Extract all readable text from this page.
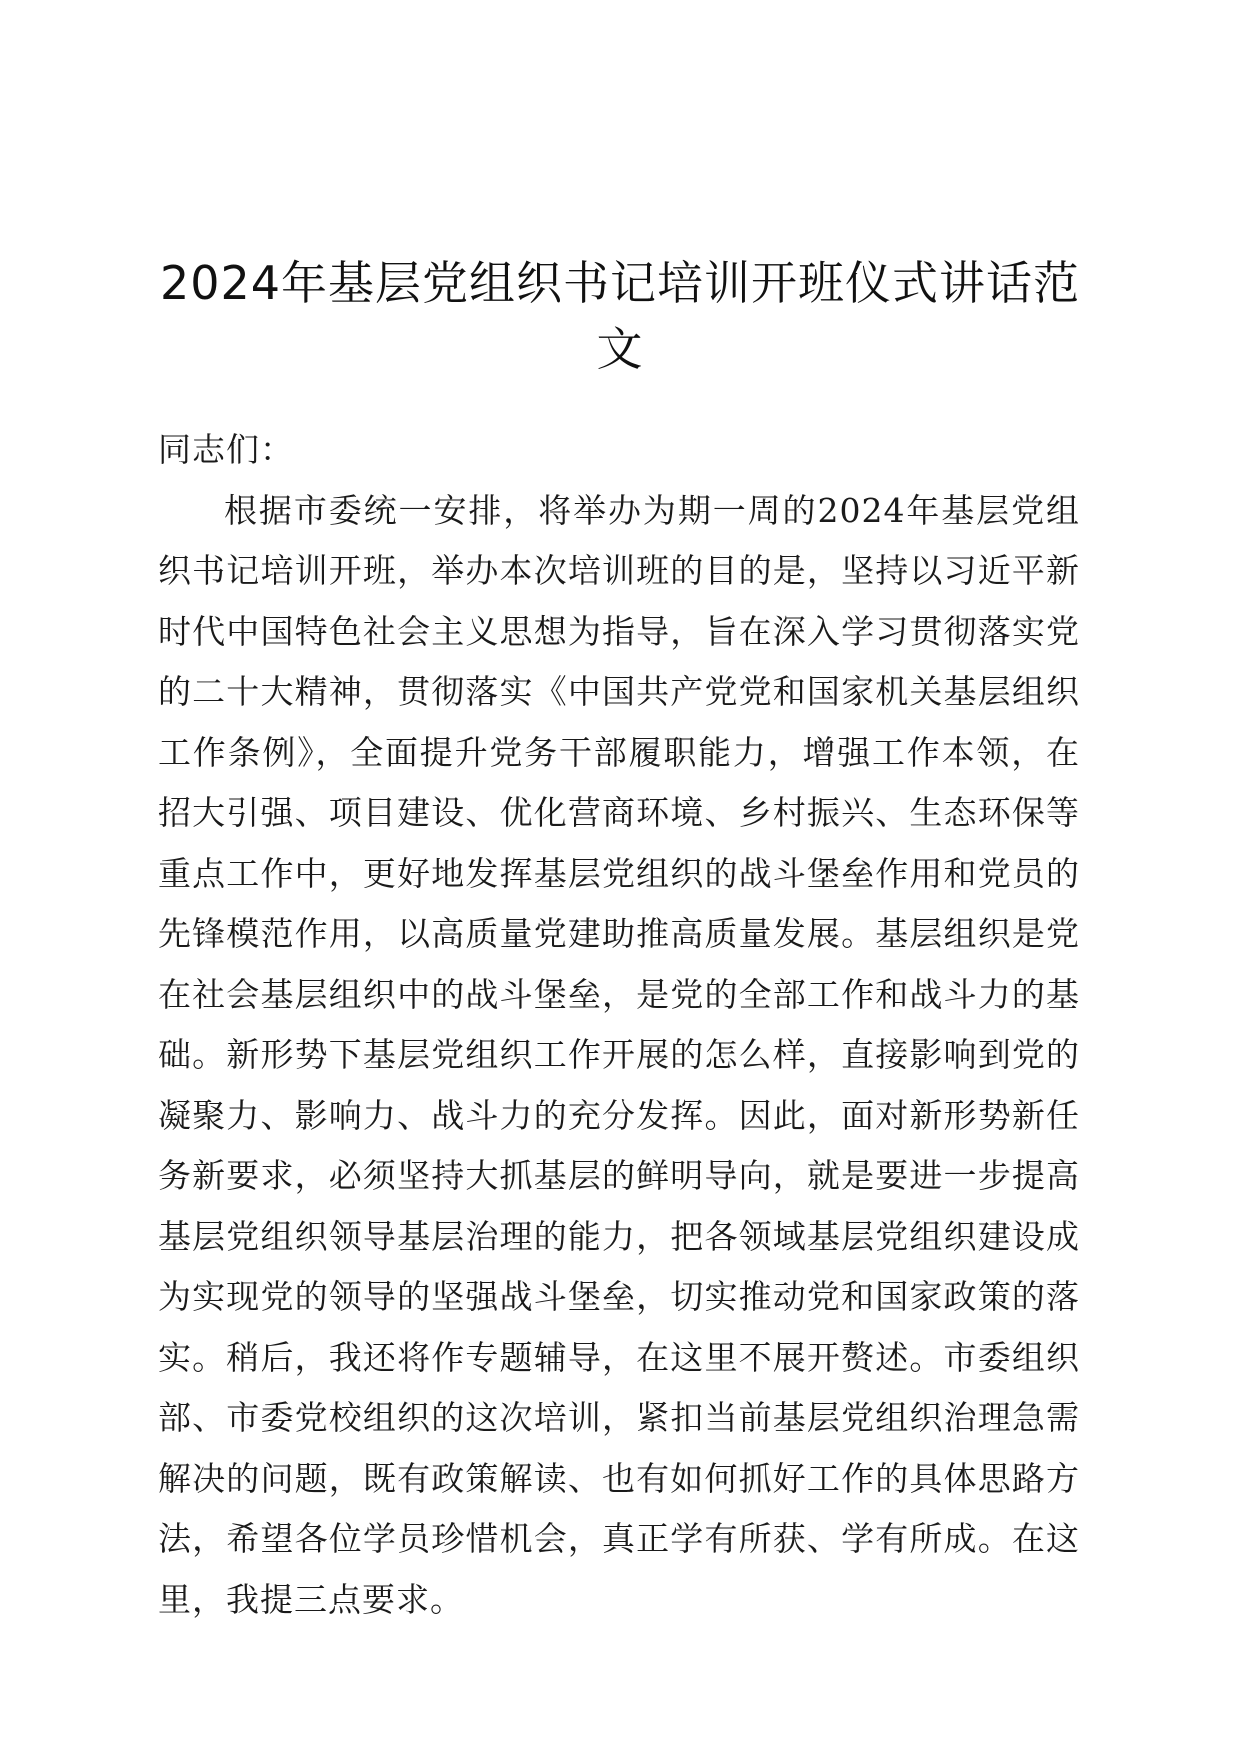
2024年基层党组织书记培训开班仪式讲话范文

同志们：

根据市委统一安排，将举办为期一周的2024年基层党组织书记培训开班，举办本次培训班的目的是，坚持以习近平新时代中国特色社会主义思想为指导，旨在深入学习贯彻落实党的二十大精神，贯彻落实《中国共产党党和国家机关基层组织工作条例》，全面提升党务干部履职能力，增强工作本领，在招大引强、项目建设、优化营商环境、乡村振兴、生态环保等重点工作中，更好地发挥基层党组织的战斗堡垒作用和党员的先锋模范作用，以高质量党建助推高质量发展。基层组织是党在社会基层组织中的战斗堡垒，是党的全部工作和战斗力的基础。新形势下基层党组织工作开展的怎么样，直接影响到党的凝聚力、影响力、战斗力的充分发挥。因此，面对新形势新任务新要求，必须坚持大抓基层的鲜明导向，就是要进一步提高基层党组织领导基层治理的能力，把各领域基层党组织建设成为实现党的领导的坚强战斗堡垒，切实推动党和国家政策的落实。稍后，我还将作专题辅导，在这里不展开赘述。市委组织部、市委党校组织的这次培训，紧扣当前基层党组织治理急需解决的问题，既有政策解读、也有如何抓好工作的具体思路方法，希望各位学员珍惜机会，真正学有所获、学有所成。在这里，我提三点要求。
